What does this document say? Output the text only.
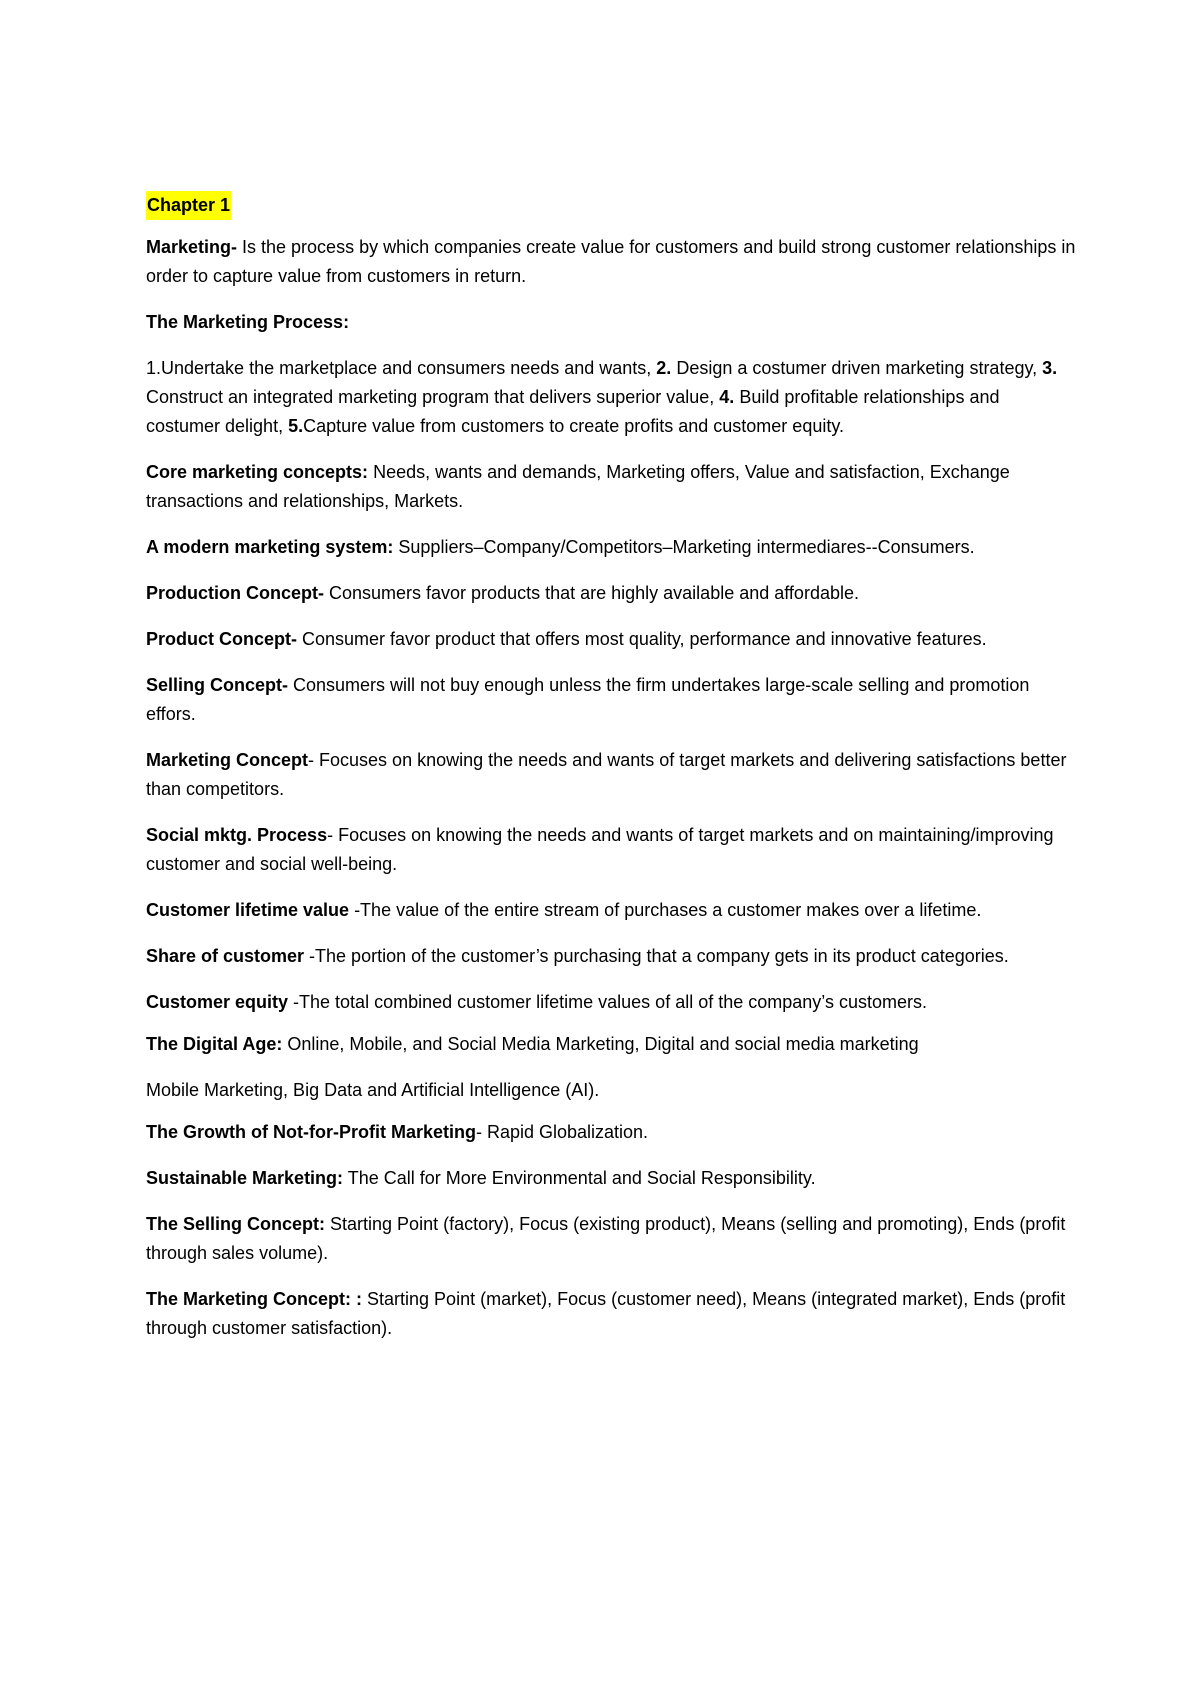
Chapter 1

Marketing- Is the process by which companies create value for customers and build strong customer relationships in order to capture value from customers in return.

The Marketing Process:

1.Undertake the marketplace and consumers needs and wants, 2. Design a costumer driven marketing strategy, 3. Construct an integrated marketing program that delivers superior value, 4. Build profitable relationships and costumer delight, 5.Capture value from customers to create profits and customer equity.

Core marketing concepts: Needs, wants and demands, Marketing offers, Value and satisfaction, Exchange transactions and relationships, Markets.

A modern marketing system: Suppliers–Company/Competitors–Marketing intermediares--Consumers.

Production Concept- Consumers favor products that are highly available and affordable.

Product Concept- Consumer favor product that offers most quality, performance and innovative features.

Selling Concept- Consumers will not buy enough unless the firm undertakes large-scale selling and promotion effors.

Marketing Concept- Focuses on knowing the needs and wants of target markets and delivering satisfactions better than competitors.

Social mktg. Process- Focuses on knowing the needs and wants of target markets and on maintaining/improving customer and social well-being.

Customer lifetime value -The value of the entire stream of purchases a customer makes over a lifetime.

Share of customer -The portion of the customer’s purchasing that a company gets in its product categories.

Customer equity -The total combined customer lifetime values of all of the company’s customers.

The Digital Age: Online, Mobile, and Social Media Marketing, Digital and social media marketing

Mobile Marketing, Big Data and Artificial Intelligence (AI).

The Growth of Not-for-Profit Marketing- Rapid Globalization.

Sustainable Marketing: The Call for More Environmental and Social Responsibility.

The Selling Concept: Starting Point (factory), Focus (existing product), Means (selling and promoting), Ends (profit through sales volume).

The Marketing Concept: : Starting Point (market), Focus (customer need), Means (integrated market), Ends (profit through customer satisfaction).
